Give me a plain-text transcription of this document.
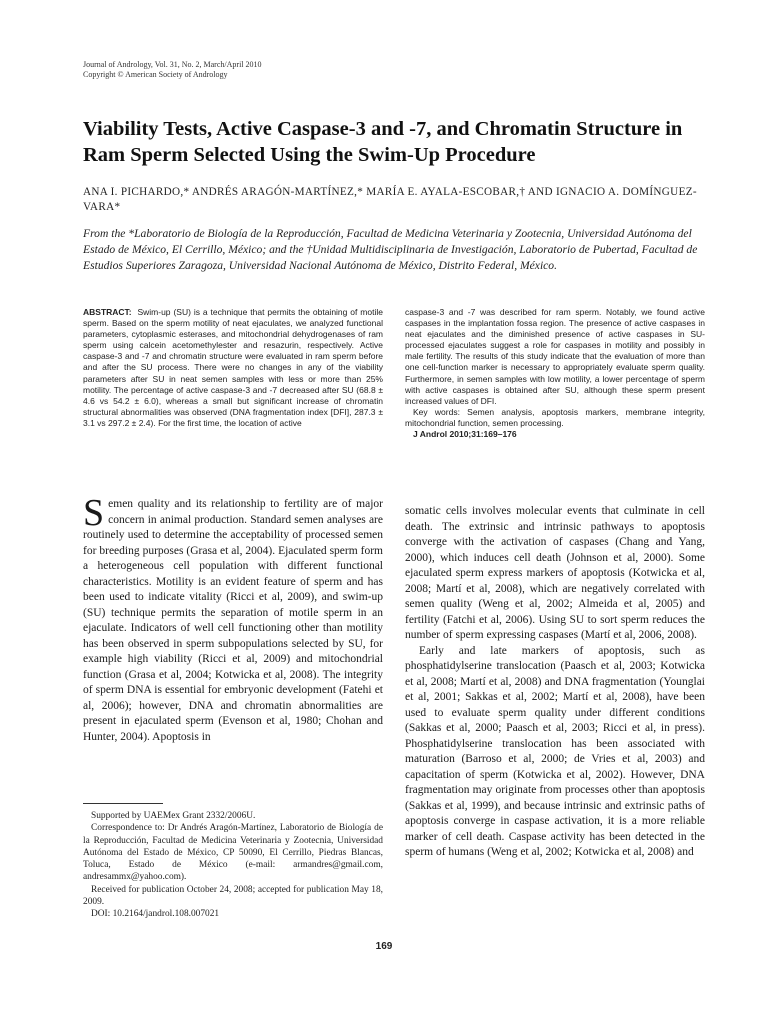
Journal of Andrology, Vol. 31, No. 2, March/April 2010
Copyright © American Society of Andrology
Viability Tests, Active Caspase-3 and -7, and Chromatin Structure in Ram Sperm Selected Using the Swim-Up Procedure

ANA I. PICHARDO,* ANDRÉS ARAGÓN-MARTÍNEZ,* MARÍA E. AYALA-ESCOBAR,† AND IGNACIO A. DOMÍNGUEZ-VARA*

From the *Laboratorio de Biología de la Reproducción, Facultad de Medicina Veterinaria y Zootecnia, Universidad Autónoma del Estado de México, El Cerrillo, México; and the †Unidad Multidisciplinaria de Investigación, Laboratorio de Pubertad, Facultad de Estudios Superiores Zaragoza, Universidad Nacional Autónoma de México, Distrito Federal, México.

ABSTRACT: Swim-up (SU) is a technique that permits the obtaining of motile sperm. Based on the sperm motility of neat ejaculates, we analyzed functional parameters, cytoplasmic esterases, and mitochondrial dehydrogenases of ram sperm using calcein acetomethylester and resazurin, respectively. Active caspase-3 and -7 and chromatin structure were evaluated in ram sperm before and after the SU process. There were no changes in any of the viability parameters after SU in neat semen samples with less or more than 25% motility. The percentage of active caspase-3 and -7 decreased after SU (68.8 ± 4.6 vs 54.2 ± 6.0), whereas a small but significant increase of chromatin structural abnormalities was observed (DNA fragmentation index [DFI], 287.3 ± 3.1 vs 297.2 ± 2.4). For the first time, the location of active

caspase-3 and -7 was described for ram sperm. Notably, we found active caspases in the implantation fossa region. The presence of active caspases in neat ejaculates and the diminished presence of active caspases in SU-processed ejaculates suggest a role for caspases in motility and possibly in male fertility. The results of this study indicate that the evaluation of more than one cell-function marker is necessary to appropriately evaluate sperm quality. Furthermore, in semen samples with low motility, a lower percentage of sperm with active caspases is obtained after SU, although these sperm present increased values of DFI.
Key words: Semen analysis, apoptosis markers, membrane integrity, mitochondrial function, semen processing.
J Androl 2010;31:169–176

Semen quality and its relationship to fertility are of major concern in animal production. Standard semen analyses are routinely used to determine the acceptability of processed semen for breeding purposes (Grasa et al, 2004). Ejaculated sperm form a heterogeneous cell population with different functional characteristics. Motility is an evident feature of sperm and has been used to indicate vitality (Ricci et al, 2009), and swim-up (SU) technique permits the separation of motile sperm in an ejaculate. Indicators of well cell functioning other than motility has been observed in sperm subpopulations selected by SU, for example high viability (Ricci et al, 2009) and mitochondrial function (Grasa et al, 2004; Kotwicka et al, 2008). The integrity of sperm DNA is essential for embryonic development (Fatehi et al, 2006); however, DNA and chromatin abnormalities are present in ejaculated sperm (Evenson et al, 1980; Chohan and Hunter, 2004). Apoptosis in

somatic cells involves molecular events that culminate in cell death. The extrinsic and intrinsic pathways to apoptosis converge with the activation of caspases (Chang and Yang, 2000), which induces cell death (Johnson et al, 2000). Some ejaculated sperm express markers of apoptosis (Kotwicka et al, 2008; Martí et al, 2008), which are negatively correlated with semen quality (Weng et al, 2002; Almeida et al, 2005) and fertility (Fatchi et al, 2006). Using SU to sort sperm reduces the number of sperm expressing caspases (Martí et al, 2006, 2008).

Early and late markers of apoptosis, such as phosphatidylserine translocation (Paasch et al, 2003; Kotwicka et al, 2008; Martí et al, 2008) and DNA fragmentation (Younglai et al, 2001; Sakkas et al, 2002; Martí et al, 2008), have been used to evaluate sperm quality under different conditions (Sakkas et al, 2000; Paasch et al, 2003; Ricci et al, in press). Phosphatidylserine translocation has been associated with maturation (Barroso et al, 2000; de Vries et al, 2003) and capacitation of sperm (Kotwicka et al, 2002). However, DNA fragmentation may originate from processes other than apoptosis (Sakkas et al, 1999), and because intrinsic and extrinsic paths of apoptosis converge in caspase activation, it is a more reliable marker of cell death. Caspase activity has been detected in the sperm of humans (Weng et al, 2002; Kotwicka et al, 2008) and

Supported by UAEMex Grant 2332/2006U.

Correspondence to: Dr Andrés Aragón-Martínez, Laboratorio de Biología de la Reproducción, Facultad de Medicina Veterinaria y Zootecnia, Universidad Autónoma del Estado de México, CP 50090, El Cerrillo, Piedras Blancas, Toluca, Estado de México (e-mail: armandres@gmail.com, andresammx@yahoo.com).

Received for publication October 24, 2008; accepted for publication May 18, 2009.

DOI: 10.2164/jandrol.108.007021

169
